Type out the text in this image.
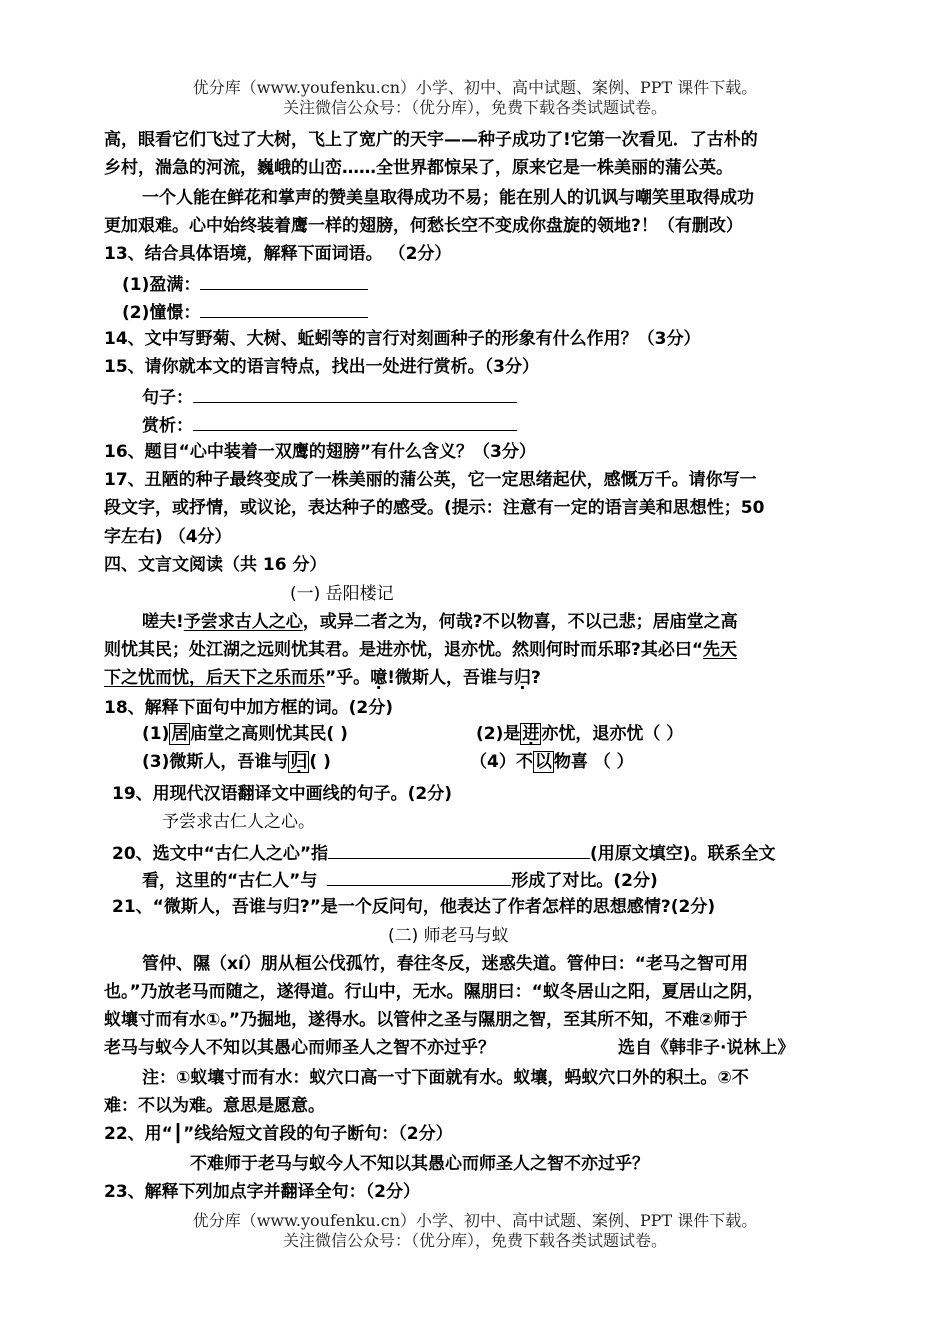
优分库（www.youfenku.cn）小学、初中、高中试题、案例、PPT 课件下载。
关注微信公众号：（优分库），免费下载各类试题试卷。
高，眼看它们飞过了大树，飞上了宽广的天宇——种子成功了!它第一次看见．了古朴的
乡村，湍急的河流，巍峨的山峦……全世界都惊呆了，原来它是一株美丽的蒲公英。
一个人能在鲜花和掌声的赞美皇取得成功不易；能在别人的讥讽与嘲笑里取得成功
更加艰难。心中始终装着鹰一样的翅膀，何愁长空不变成你盘旋的领地?！（有删改）
13、结合具体语境，解释下面词语。 （2分）
(1)盈满：
(2)憧憬：
14、文中写野菊、大树、蚯蚓等的言行对刻画种子的形象有什么作用？（3分）
15、请你就本文的语言特点，找出一处进行赏析。（3分）
句子：
赏析：
16、题目“心中装着一双鹰的翅膀”有什么含义？（3分）
17、丑陋的种子最终变成了一株美丽的蒲公英，它一定思绪起伏，感慨万千。请你写一
段文字，或抒情，或议论，表达种子的感受。(提示：注意有一定的语言美和思想性；50
字左右) （4分）
四、文言文阅读（共 16 分）
(一) 岳阳楼记
嗟夫!予尝求古人之心，或异二者之为，何哉?不以物喜，不以己悲；居庙堂之高
则忧其民；处江湖之远则忧其君。是进亦忧，退亦忧。然则何时而乐耶?其必曰“先天
下之忧而忧，后天下之乐而乐”乎。噫!微斯人，吾谁与归?
18、解释下面句中加方框的词。(2分)
(1) 居 庙堂之高则忧其民( )	(2)是 进 亦忧，退亦忧（ ）
(3)微斯人，吾谁与 归 ( )	（4）不 以 物喜 （ ）
19、用现代汉语翻译文中画线的句子。(2分)
予尝求古仁人之心。
20、选文中“古仁人之心”指	(用原文填空)。联系全文
看，这里的“古仁人”与	形成了对比。(2分)
21、“微斯人，吾谁与归?”是一个反问句，他表达了作者怎样的思想感情?(2分)
(二) 师老马与蚁
管仲、隰（xí）朋从桓公伐孤竹，春往冬反，迷惑失道。管仲曰：“老马之智可用
也。”乃放老马而随之，遂得道。行山中，无水。隰朋曰：“蚁冬居山之阳，夏居山之阴，
蚁壤寸而有水①。”乃掘地，遂得水。以管仲之圣与隰朋之智，至其所不知，不难②师于
老马与蚁今人不知以其愚心而师圣人之智不亦过乎？	选自《韩非子·说林上》
注：①蚁壤寸而有水：蚁穴口高一寸下面就有水。蚁壤，蚂蚁穴口外的积土。②不
难：不以为难。意思是愿意。
22、用“┃”线给短文首段的句子断句：（2分）
不难师于老马与蚁今人不知以其愚心而师圣人之智不亦过乎？
23、解释下列加点字并翻译全句：（2分）
优分库（www.youfenku.cn）小学、初中、高中试题、案例、PPT 课件下载。
关注微信公众号：（优分库），免费下载各类试题试卷。
